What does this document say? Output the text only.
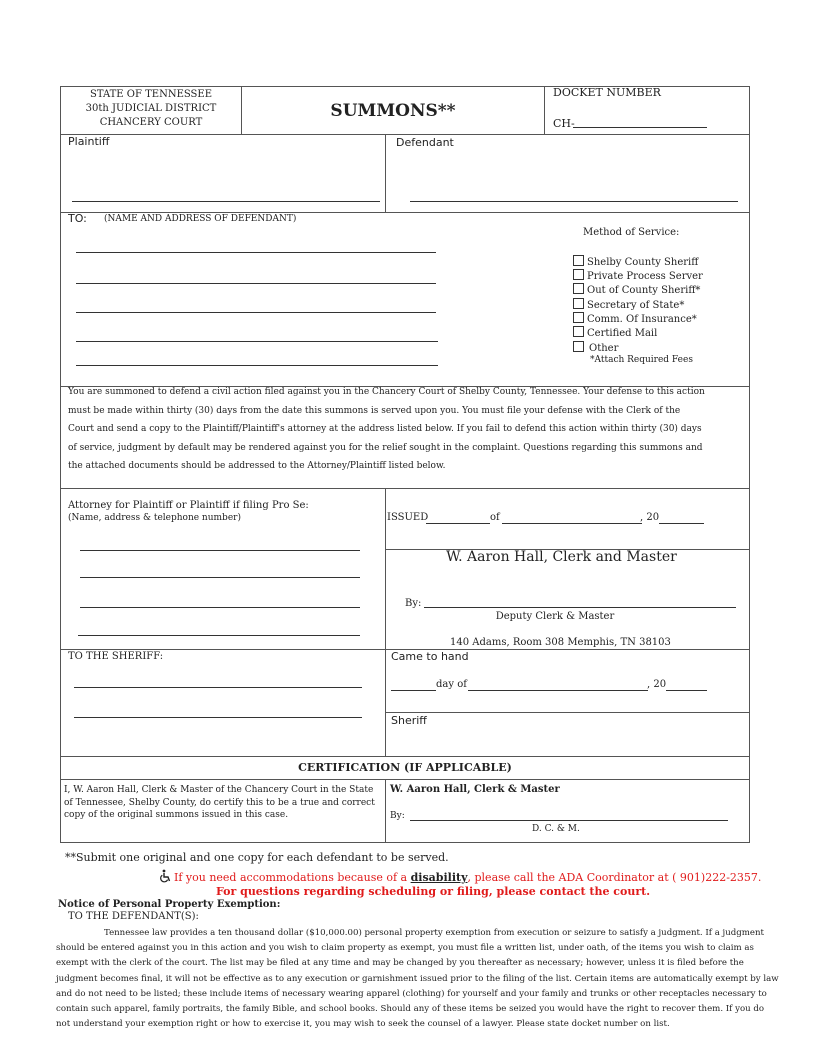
STATE OF TENNESSEE
30th JUDICIAL DISTRICT
CHANCERY COURT
SUMMONS**
DOCKET NUMBER
CH-
Plaintiff	Defendant
TO: (NAME AND ADDRESS OF DEFENDANT)
Method of Service:
Shelby County Sheriff
Private Process Server
Out of County Sheriff*
Secretary of State*
Comm. Of Insurance*
Certified Mail
Other
*Attach Required Fees
You are summoned to defend a civil action filed against you in the Chancery Court of Shelby County, Tennessee. Your defense to this action
must be made within thirty (30) days from the date this summons is served upon you. You must file your defense with the Clerk of the
Court and send a copy to the Plaintiff/Plaintiff's attorney at the address listed below. If you fail to defend this action within thirty (30) days
of service, judgment by default may be rendered against you for the relief sought in the complaint. Questions regarding this summons and
the attached documents should be addressed to the Attorney/Plaintiff listed below.
Attorney for Plaintiff or Plaintiff if filing Pro Se:
(Name, address & telephone number)	ISSUED	of	, 20
W. Aaron Hall, Clerk and Master
By:
Deputy Clerk & Master
140 Adams, Room 308 Memphis, TN 38103
TO THE SHERIFF:	Came to hand
day of	, 20
Sheriff
CERTIFICATION (IF APPLICABLE)
I, W. Aaron Hall, Clerk & Master of the Chancery Court in the State
of Tennessee, Shelby County, do certify this to be a true and correct
copy of the original summons issued in this case.
W. Aaron Hall, Clerk & Master
By:
D. C. & M.
**Submit one original and one copy for each defendant to be served.
If you need accommodations because of a disability, please call the ADA Coordinator at ( 901)222-2357.
For questions regarding scheduling or filing, please contact the court.
Notice of Personal Property Exemption:
TO THE DEFENDANT(S):
Tennessee law provides a ten thousand dollar ($10,000.00) personal property exemption from execution or seizure to satisfy a judgment. If a judgment
should be entered against you in this action and you wish to claim property as exempt, you must file a written list, under oath, of the items you wish to claim as
exempt with the clerk of the court. The list may be filed at any time and may be changed by you thereafter as necessary; however, unless it is filed before the
judgment becomes final, it will not be effective as to any execution or garnishment issued prior to the filing of the list. Certain items are automatically exempt by law
and do not need to be listed; these include items of necessary wearing apparel (clothing) for yourself and your family and trunks or other receptacles necessary to
contain such apparel, family portraits, the family Bible, and school books. Should any of these items be seized you would have the right to recover them. If you do
not understand your exemption right or how to exercise it, you may wish to seek the counsel of a lawyer. Please state docket number on list.
